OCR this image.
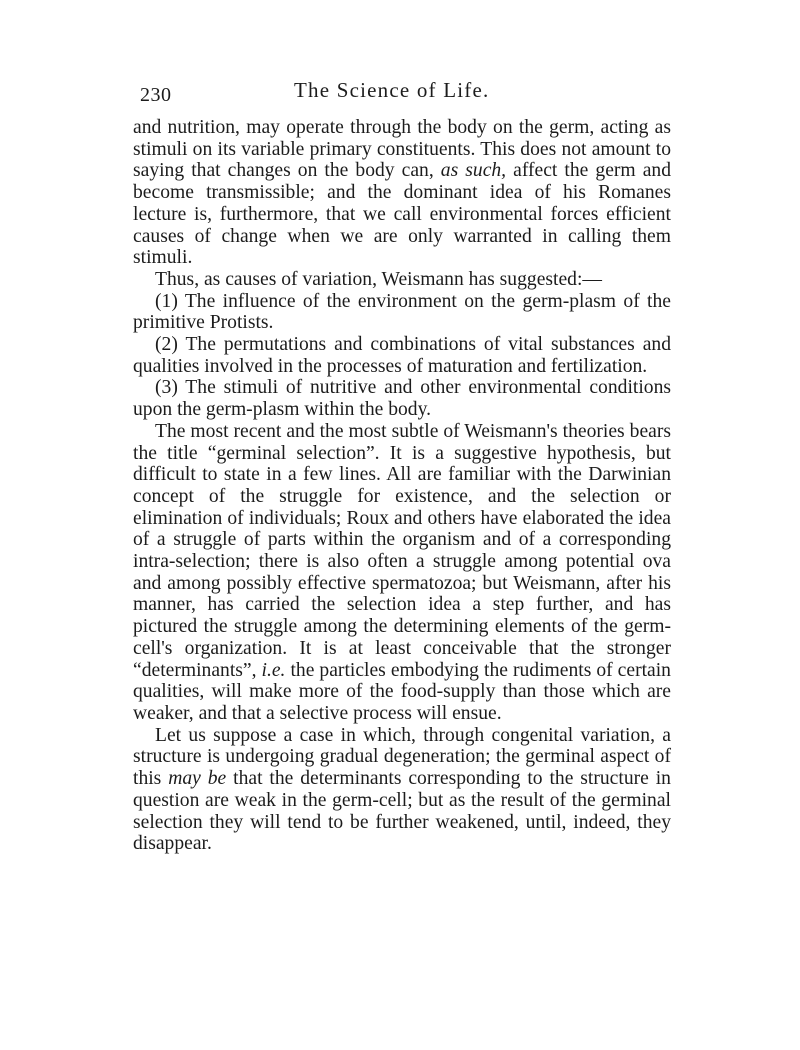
230	The Science of Life.

and nutrition, may operate through the body on the germ, acting as stimuli on its variable primary constituents. This does not amount to saying that changes on the body can, as such, affect the germ and become transmissible; and the dominant idea of his Romanes lecture is, furthermore, that we call environmental forces efficient causes of change when we are only warranted in calling them stimuli.

Thus, as causes of variation, Weismann has suggested:—

(1) The influence of the environment on the germ-plasm of the primitive Protists.

(2) The permutations and combinations of vital substances and qualities involved in the processes of maturation and fertilization.

(3) The stimuli of nutritive and other environmental conditions upon the germ-plasm within the body.

The most recent and the most subtle of Weismann's theories bears the title “germinal selection”. It is a suggestive hypothesis, but difficult to state in a few lines. All are familiar with the Darwinian concept of the struggle for existence, and the selection or elimination of individuals; Roux and others have elaborated the idea of a struggle of parts within the organism and of a corresponding intra-selection; there is also often a struggle among potential ova and among possibly effective spermatozoa; but Weismann, after his manner, has carried the selection idea a step further, and has pictured the struggle among the determining elements of the germ-cell's organization. It is at least conceivable that the stronger “determinants”, i.e. the particles embodying the rudiments of certain qualities, will make more of the food-supply than those which are weaker, and that a selective process will ensue.

Let us suppose a case in which, through congenital variation, a structure is undergoing gradual degeneration; the germinal aspect of this may be that the determinants corresponding to the structure in question are weak in the germ-cell; but as the result of the germinal selection they will tend to be further weakened, until, indeed, they disappear.
